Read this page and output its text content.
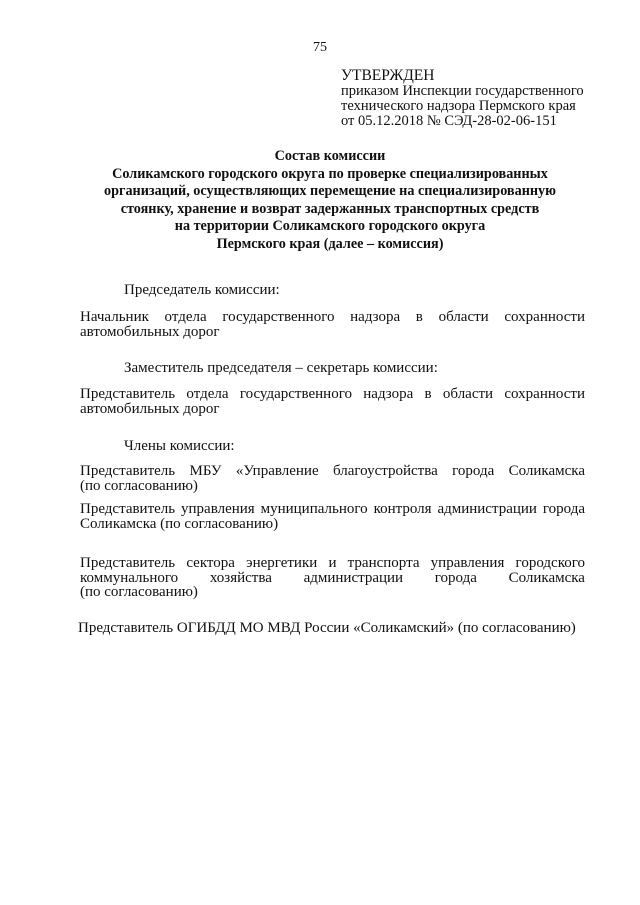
75
УТВЕРЖДЕН
приказом Инспекции государственного
технического надзора Пермского края
от 05.12.2018 № СЭД-28-02-06-151
Состав комиссии
Соликамского городского округа по проверке специализированных
организаций, осуществляющих перемещение на специализированную
стоянку, хранение и возврат задержанных транспортных средств
на территории Соликамского городского округа
Пермского края (далее – комиссия)
Председатель комиссии:
Начальник отдела государственного надзора в области сохранности
автомобильных дорог
Заместитель председателя – секретарь комиссии:
Представитель отдела государственного надзора в области сохранности
автомобильных дорог
Члены комиссии:
Представитель МБУ «Управление благоустройства города Соликамска
(по согласованию)
Представитель управления муниципального контроля администрации города
Соликамска (по согласованию)
Представитель сектора энергетики и транспорта управления городского
коммунального хозяйства администрации города Соликамска
(по согласованию)
Представитель ОГИБДД МО МВД России «Соликамский» (по согласованию)
